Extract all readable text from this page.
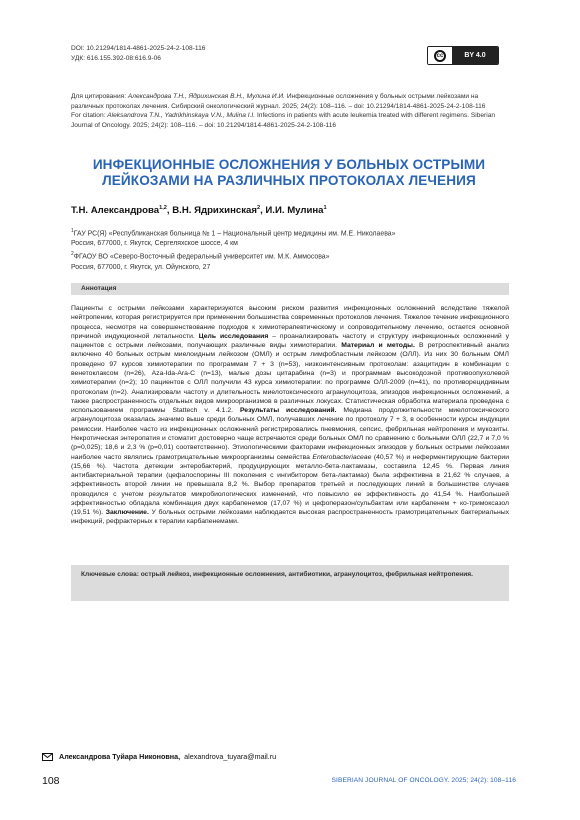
DOI: 10.21294/1814-4861-2025-24-2-108-116
УДК: 616.155.392-08:616.9-06	cc	BY 4.0
Для цитирования: Александрова Т.Н., Ядрихинская В.Н., Мулина И.И. Инфекционные осложнения у больных острыми лейкозами на различных протоколах лечения. Сибирский онкологический журнал. 2025; 24(2): 108–116. – doi: 10.21294/1814-4861-2025-24-2-108-116
For citation: Aleksandrova T.N., Yadrikhinskaya V.N., Mulina I.I. Infections in patients with acute leukemia treated with different regimens. Siberian Journal of Oncology. 2025; 24(2): 108–116. – doi: 10.21294/1814-4861-2025-24-2-108-116
ИНФЕКЦИОННЫЕ ОСЛОЖНЕНИЯ У БОЛЬНЫХ ОСТРЫМИ
ЛЕЙКОЗАМИ НА РАЗЛИЧНЫХ ПРОТОКОЛАХ ЛЕЧЕНИЯ
Т.Н. Александрова$^{1,2}$, В.Н. Ядрихинская$^2$, И.И. Мулина$^1$
$^1$ГАУ РС(Я) «Республиканская больница № 1 – Национальный центр медицины им. М.Е. Николаева»
Россия, 677000, г. Якутск, Сергеляхское шоссе, 4 км
$^2$ФГАОУ ВО «Северо-Восточный федеральный университет им. М.К. Аммосова»
Россия, 677000, г. Якутск, ул. Ойунского, 27
Аннотация
Пациенты с острыми лейкозами характеризуются высоким риском развития инфекционных осложнений вследствие тяжелой нейтропении, которая регистрируется при применении большинства современных протоколов лечения. Тяжелое течение инфекционного процесса, несмотря на совершенствование подходов к химиотерапевтическому и сопроводительному лечению, остается основной причиной индукционной летальности. Цель исследования – проанализировать частоту и структуру инфекционных осложнений у пациентов с острыми лейкозами, получающих различные виды химиотерапии. Материал и методы. В ретроспективный анализ включено 40 больных острым миелоидным лейкозом (ОМЛ) и острым лимфобластным лейкозом (ОЛЛ). Из них 30 больным ОМЛ проведено 97 курсов химиотерапии по программам 7 + 3 (n=53), низкоинтенсивным протоколам: азацитидин в комбинации с венетоклаксом (n=26), Aza-Ida-Ara-C (n=13), малые дозы цитарабина (n=3) и программам высокодозной противоопухолевой химиотерапии (n=2); 10 пациентов с ОЛЛ получили 43 курса химиотерапии: по программе ОЛЛ-2009 (n=41), по противорецидивным протоколам (n=2). Анализировали частоту и длительность миелотоксического агранулоцитоза, эпизодов инфекционных осложнений, а также распространенность отдельных видов микроорганизмов в различных локусах. Статистическая обработка материала проведена с использованием программы Stattech v. 4.1.2. Результаты исследований. Медиана продолжительности миелотоксического агранулоцитоза оказалась значимо выше среди больных ОМЛ, получавших лечение по протоколу 7 + 3, в особенности курсы индукции ремиссии. Наиболее часто из инфекционных осложнений регистрировались пневмония, сепсис, фебрильная нейтропения и мукозиты. Некротическая энтеропатия и стоматит достоверно чаще встречаются среди больных ОМЛ по сравнению с больными ОЛЛ (22,7 и 7,0 % (p=0,025); 18,6 и 2,3 % (p=0,01) соответственно). Этиологическими факторами инфекционных эпизодов у больных острыми лейкозами наиболее часто являлись грамотрицательные микроорганизмы семейства Enterobacteriaceae (40,57 %) и неферментирующие бактерии (15,66 %). Частота детекции энтеробактерий, продуцирующих металло-бета-лактамазы, составила 12,45 %. Первая линия антибактериальной терапии (цефалоспорины III поколения с ингибитором бета-лактамаз) была эффективна в 21,62 % случаев, а эффективность второй линии не превышала 8,2 %. Выбор препаратов третьей и последующих линий в большинстве случаев проводился с учетом результатов микробиологических изменений, что повысило ее эффективность до 41,54 %. Наибольшей эффективностью обладала комбинация двух карбапенемов (17,07 %) и цефоперазон/сульбактам или карбапенем + ко-тримоксазол (19,51 %). Заключение. У больных острыми лейкозами наблюдается высокая распространенность грамотрицательных бактериальных инфекций, рефрактерных к терапии карбапенемами.
Ключевые слова: острый лейкоз, инфекционные осложнения, антибиотики, агранулоцитоз, фебрильная нейтропения.
Александрова Туйара Никоновна, alexandrova_tuyara@mail.ru
108	SIBERIAN JOURNAL OF ONCOLOGY. 2025; 24(2): 108–116
